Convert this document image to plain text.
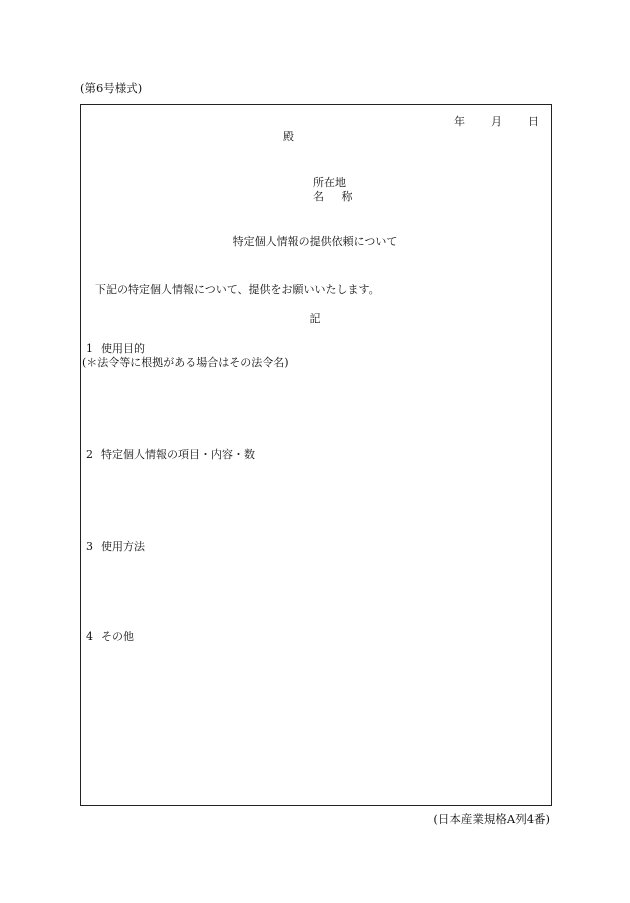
(第6号様式)
年 月 日
殿
所在地
名 称
特定個人情報の提供依頼について
下記の特定個人情報について、提供をお願いいたします。
記
1 使用目的
(＊法令等に根拠がある場合はその法令名)
2 特定個人情報の項目・内容・数
3 使用方法
4 その他
(日本産業規格A列4番)
